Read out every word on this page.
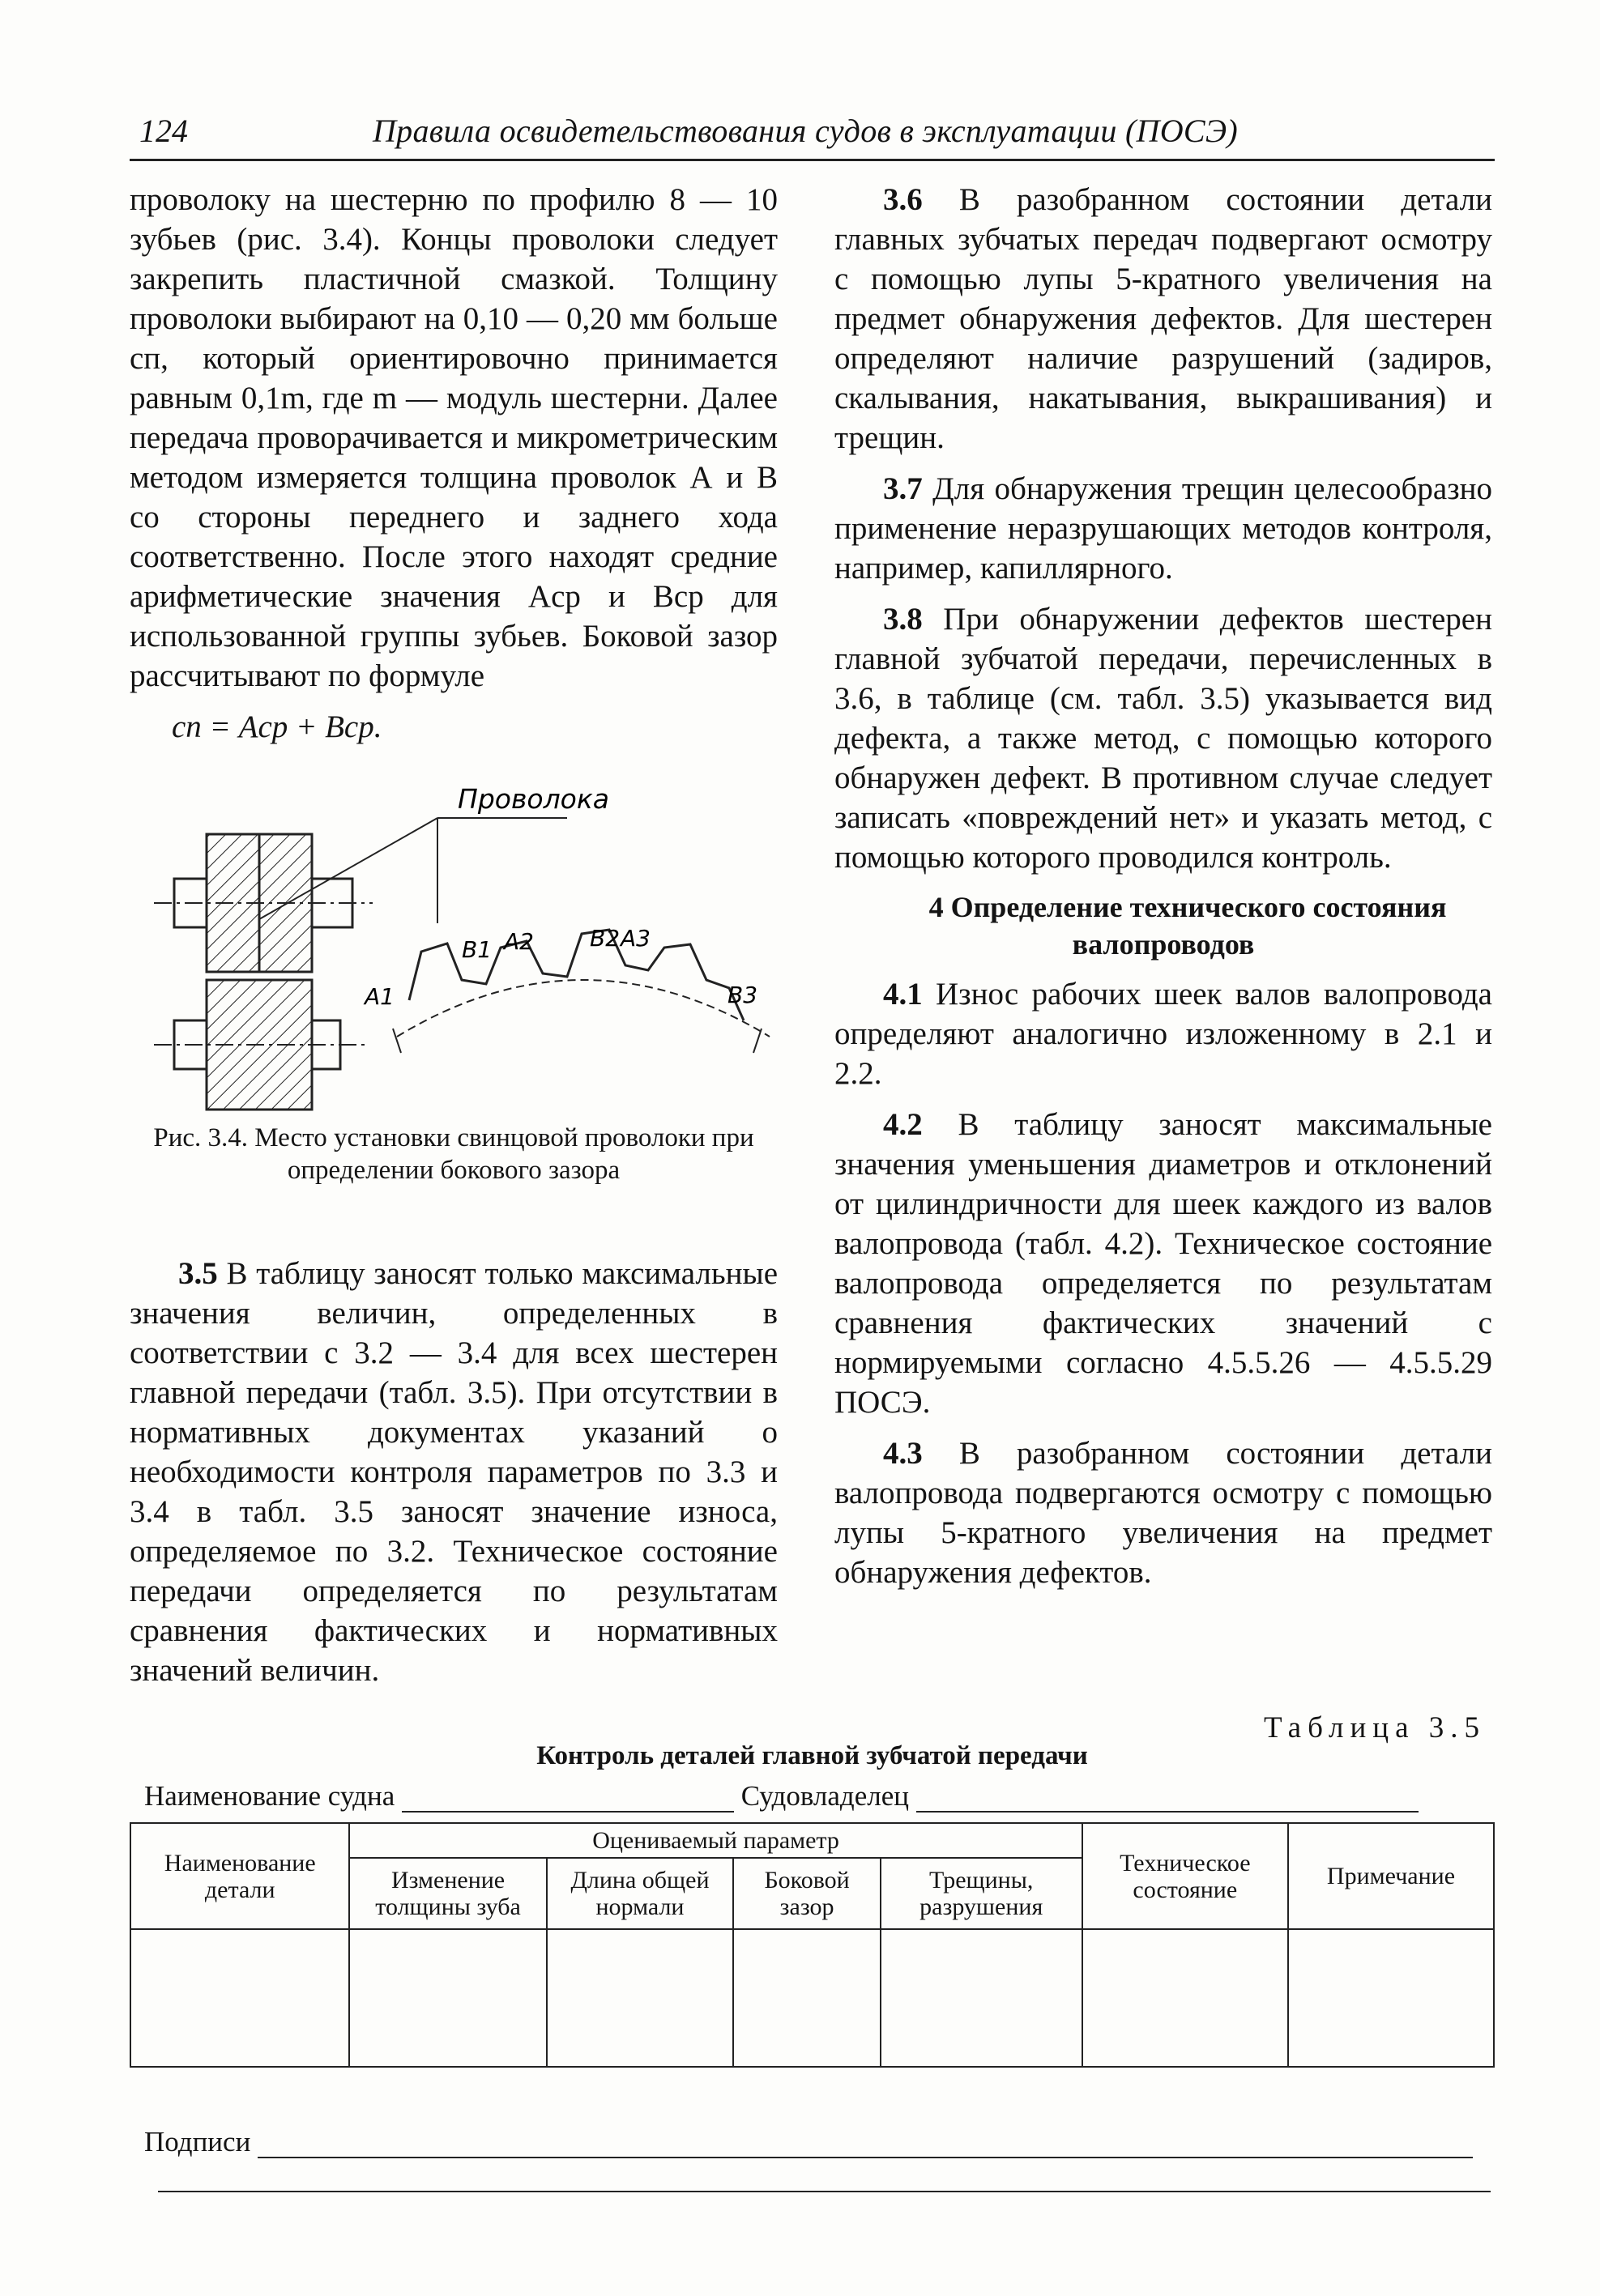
124	Правила освидетельствования судов в эксплуатации (ПОСЭ)

проволоку на шестерню по профилю 8 — 10 зубьев (рис. 3.4). Концы проволоки следует закрепить пластичной смазкой. Толщину проволоки выбирают на 0,10 — 0,20 мм больше cп, который ориентировочно принимается равным 0,1m, где m — модуль шестерни. Далее передача проворачивается и микрометрическим методом измеряется толщина проволок А и В со стороны переднего и заднего хода соответственно. После этого находят средние арифметические значения Aср и Bср для использованной группы зубьев. Боковой зазор рассчитывают по формуле

cп = Aср + Bср.
Проволока
A1
B1 A2	A3
B2
B3
Рис. 3.4. Место установки свинцовой проволоки при определении бокового зазора

3.5 В таблицу заносят только максимальные значения величин, определенных в соответствии с 3.2 — 3.4 для всех шестерен главной передачи (табл. 3.5). При отсутствии в нормативных документах указаний о необходимости контроля параметров по 3.3 и 3.4 в табл. 3.5 заносят значение износа, определяемое по 3.2. Техническое состояние передачи определяется по результатам сравнения фактических и нормативных значений величин.

3.6 В разобранном состоянии детали главных зубчатых передач подвергают осмотру с помощью лупы 5-кратного увеличения на предмет обнаружения дефектов. Для шестерен определяют наличие разрушений (задиров, скалывания, накатывания, выкрашивания) и трещин.

3.7 Для обнаружения трещин целесообразно применение неразрушающих методов контроля, например, капиллярного.

3.8 При обнаружении дефектов шестерен главной зубчатой передачи, перечисленных в 3.6, в таблице (см. табл. 3.5) указывается вид дефекта, а также метод, с помощью которого обнаружен дефект. В противном случае следует записать «повреждений нет» и указать метод, с помощью которого проводился контроль.

4 Определение технического состояния валопроводов

4.1 Износ рабочих шеек валов валопровода определяют аналогично изложенному в 2.1 и 2.2.

4.2 В таблицу заносят максимальные значения уменьшения диаметров и отклонений от цилиндричности для шеек каждого из валов валопровода (табл. 4.2). Техническое состояние валопровода определяется по результатам сравнения фактических значений с нормируемыми согласно 4.5.5.26 — 4.5.5.29 ПОСЭ.

4.3 В разобранном состоянии детали валопровода подвергаются осмотру с помощью лупы 5-кратного увеличения на предмет обнаружения дефектов.

Таблица 3.5
Контроль деталей главной зубчатой передачи
Наименование судна	Судовладелец
Наименование детали	Оцениваемый параметр				Техническое состояние	Примечание
	Изменение толщины зуба	Длина общей нормали	Боковой зазор	Трещины, разрушения		

Подписи
